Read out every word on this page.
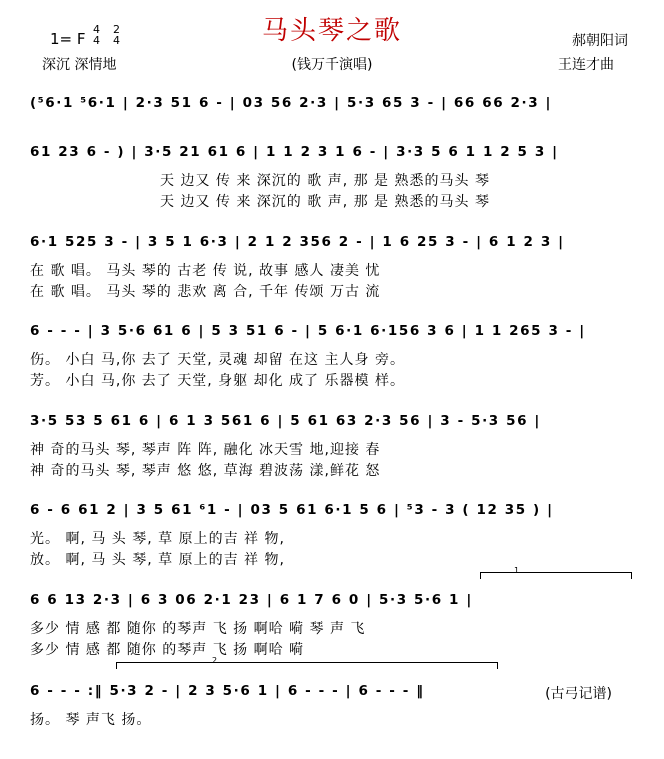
马头琴之歌
1= F
4
4
2
4
深沉 深情地	(钱万千演唱)
郝朝阳词
王连才曲
(⁵6·1 ⁵6·1 | 2·3 51 6 - | 03 56 2·3 | 5·3 65 3 - | 66 66 2·3 |
61 23 6 - ) | 3·5 21 61 6 | 1 1 2 3 1 6 - | 3·3 5 6 1 1 2 5 3 |
天 边又 传 来 深沉的 歌 声, 那 是 熟悉的马头 琴
天 边又 传 来 深沉的 歌 声, 那 是 熟悉的马头 琴
6·1 525 3 - | 3 5 1 6·3 | 2 1 2 356 2 - | 1 6 25 3 - | 6 1 2 3 |
在 歌 唱。 马头 琴的 古老 传 说, 故事 感人 凄美 忧
在 歌 唱。 马头 琴的 悲欢 离 合, 千年 传颂 万古 流
6 - - - | 3 5·6 61 6 | 5 3 51 6 - | 5 6·1 6·156 3 6 | 1 1 265 3 - |
伤。 小白 马,你 去了 天堂, 灵魂 却留 在这 主人身 旁。
芳。 小白 马,你 去了 天堂, 身躯 却化 成了 乐器模 样。
3·5 53 5 61 6 | 6 1 3 561 6 | 5 61 63 2·3 56 | 3 - 5·3 56 |
神 奇的马头 琴, 琴声 阵 阵, 融化 冰天雪 地,迎接 春
神 奇的马头 琴, 琴声 悠 悠, 草海 碧波荡 漾,鲜花 怒
6 - 6 61 2 | 3 5 61 ⁶1 - | 03 5 61 6·1 5 6 | ⁵3 - 3 ( 12 35 ) |
光。 啊, 马 头 琴, 草 原上的吉 祥 物,
放。 啊, 马 头 琴, 草 原上的吉 祥 物,
1
6 6 13 2·3 | 6 3 06 2·1 23 | 6 1 7 6 0 | 5·3 5·6 1 |
多少 情 感 都 随你 的琴声 飞 扬 啊哈 嗬 琴 声 飞
多少 情 感 都 随你 的琴声 飞 扬 啊哈 嗬
2
6 - - - :‖ 5·3 2 - | 2 3 5·6 1 | 6 - - - | 6 - - - ‖
扬。 琴 声飞 扬。
(古弓记谱)
